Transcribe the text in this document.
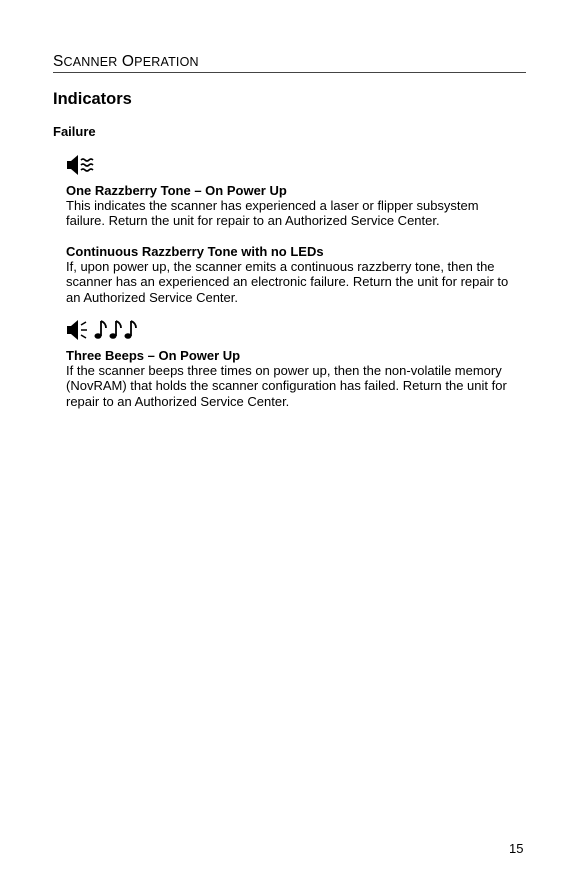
SCANNER OPERATION
Indicators
Failure
One Razzberry Tone – On Power Up
This indicates the scanner has experienced a laser or flipper subsystem
failure. Return the unit for repair to an Authorized Service Center.
Continuous Razzberry Tone with no LEDs
If, upon power up, the scanner emits a continuous razzberry tone, then the
scanner has an experienced an electronic failure. Return the unit for repair to
an Authorized Service Center.
Three Beeps – On Power Up
If the scanner beeps three times on power up, then the non-volatile memory
(NovRAM) that holds the scanner configuration has failed. Return the unit for
repair to an Authorized Service Center.
15
